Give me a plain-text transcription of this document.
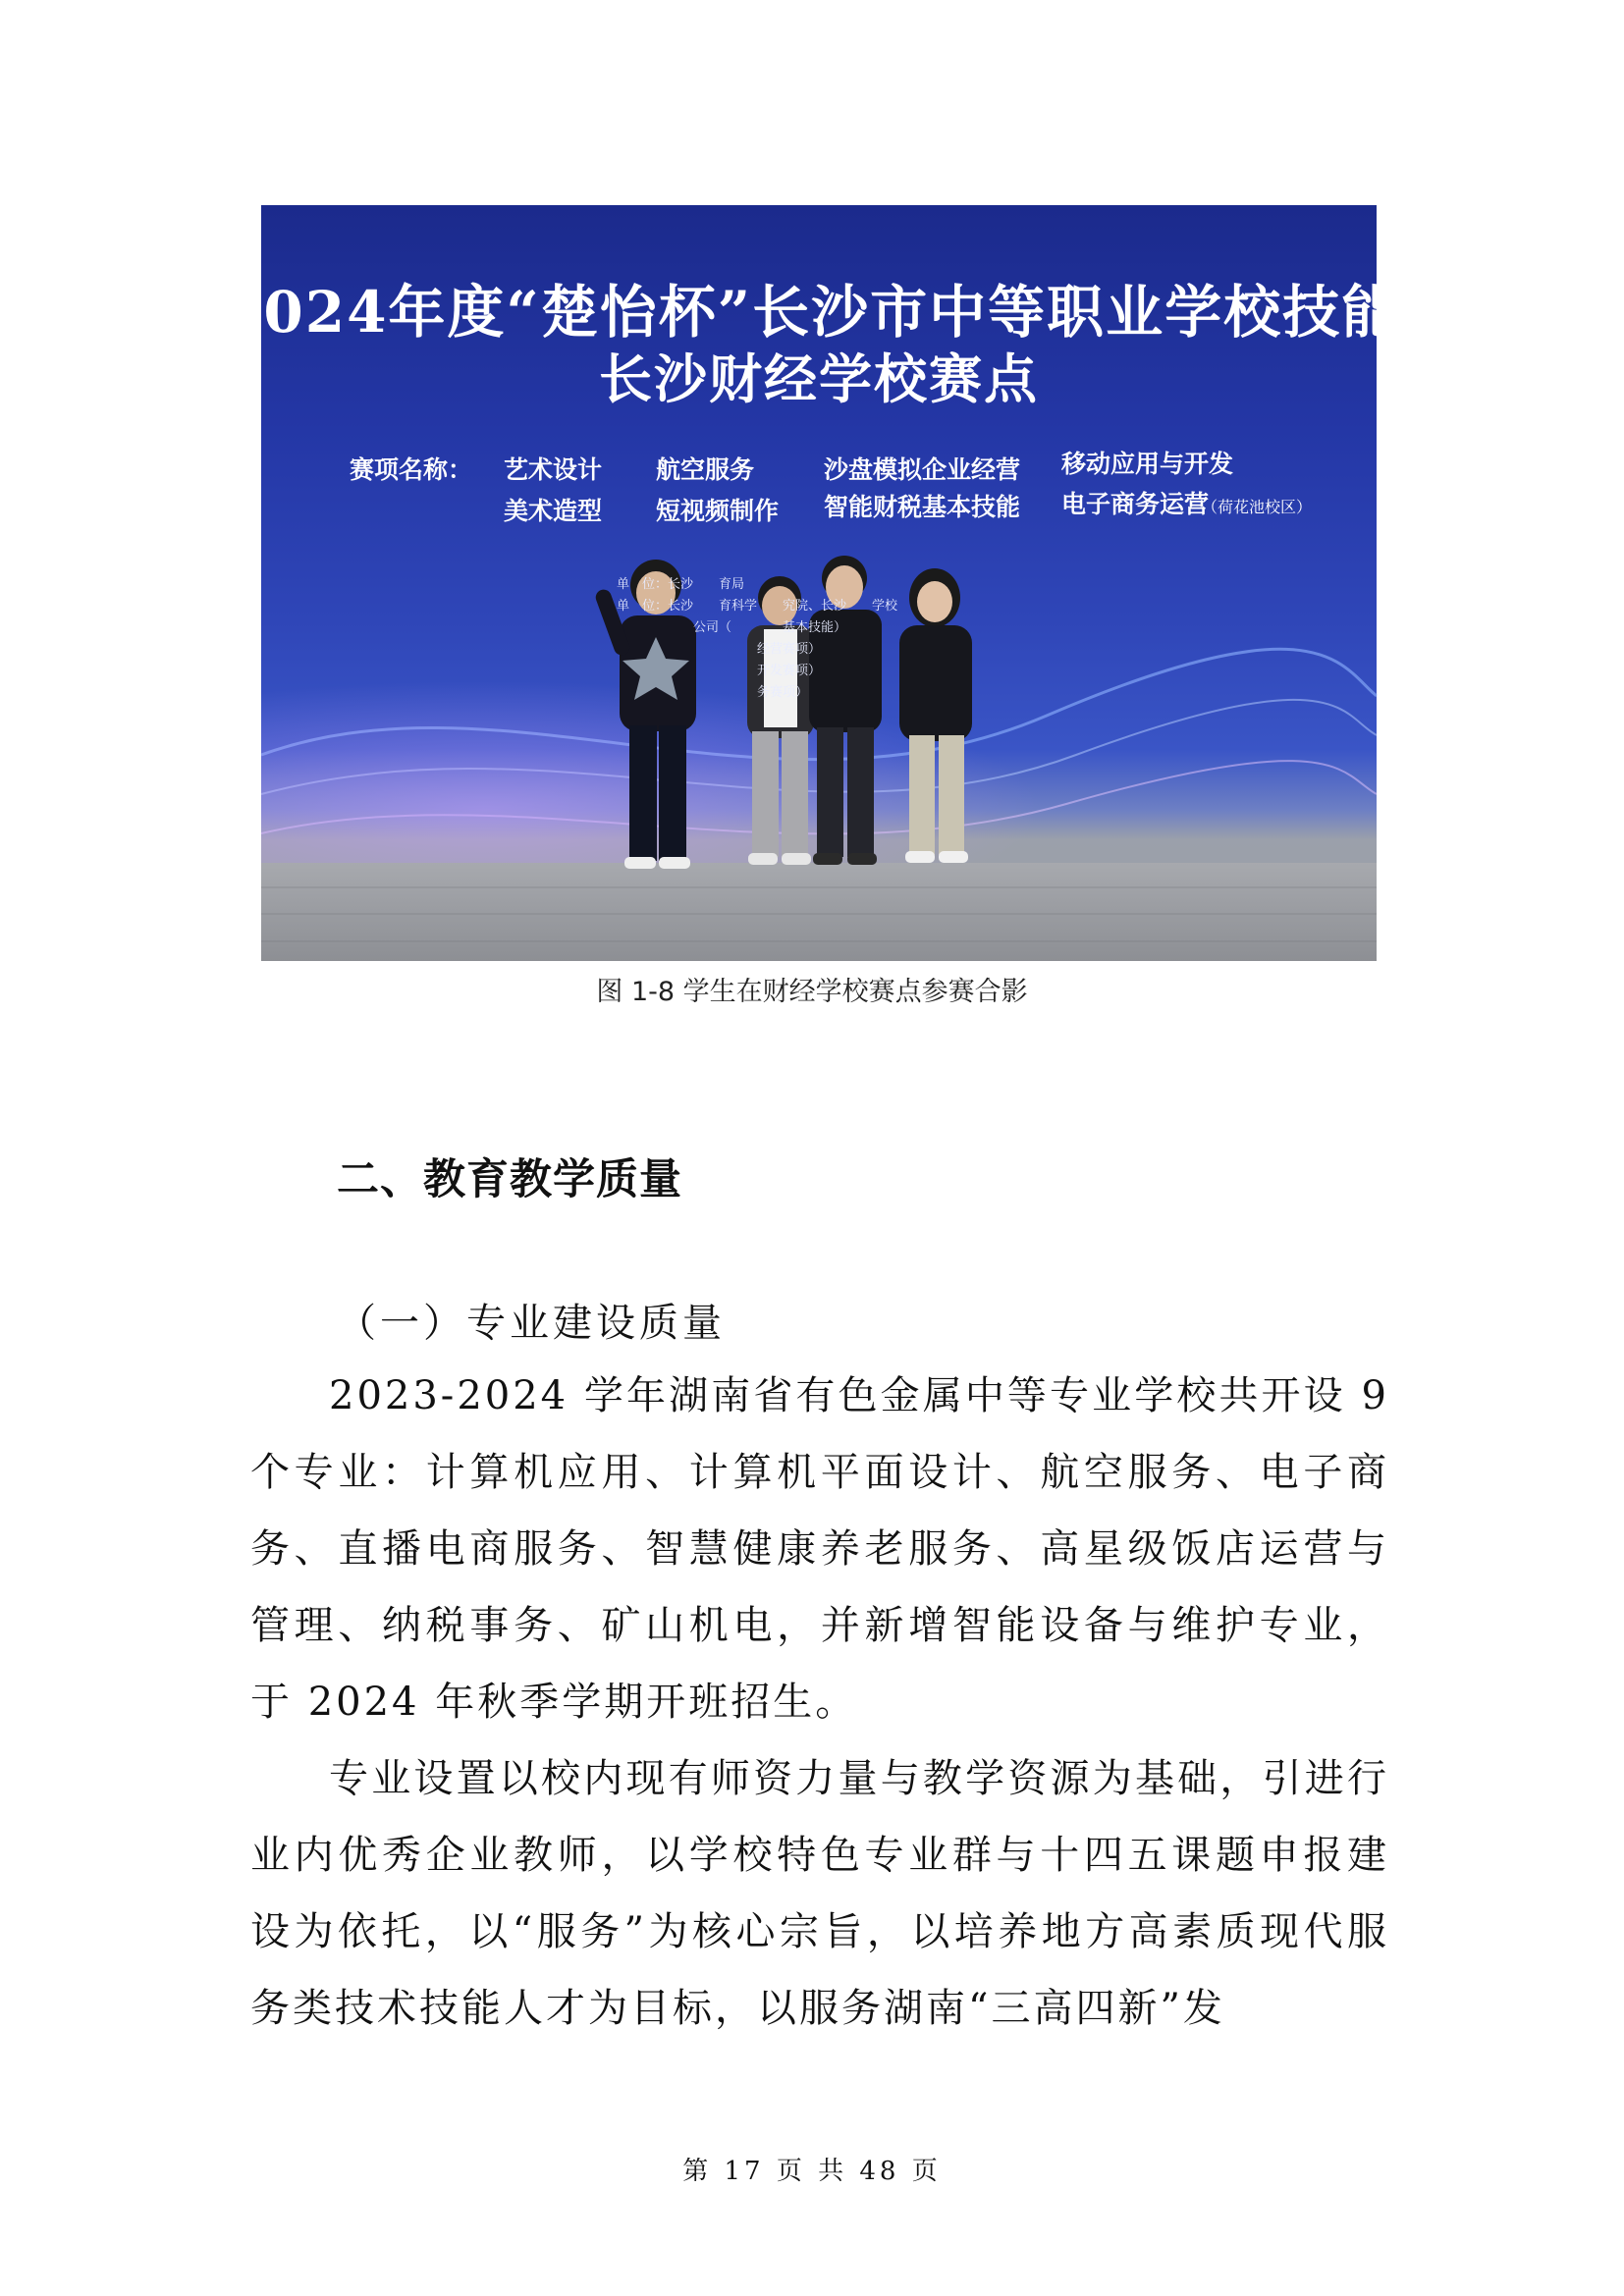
2024年度“楚怡杯”长沙市中等职业学校技能竞赛
长沙财经学校赛点
赛项名称： 艺术设计 航空服务	沙盘模拟企业经营 移动应用与开发
美术造型 短视频制作 智能财税基本技能 电子商务运营
（荷花池校区）
单　位：长沙　　育局
单　位：长沙　　育科学　　究院、长沙　　学校
　　　　　　公司（　　　　基本技能）
　　　　　　　　　　　经营赛项）
　　　　　　　　　　　开发赛项）
　　　　　　　　　　　务赛项）
图 1-8 学生在财经学校赛点参赛合影
二、教育教学质量
（一）专业建设质量

2023-2024 学年湖南省有色金属中等专业学校共开设 9 个专业：计算机应用、计算机平面设计、航空服务、电子商务、直播电商服务、智慧健康养老服务、高星级饭店运营与管理、纳税事务、矿山机电，并新增智能设备与维护专业，于 2024 年秋季学期开班招生。

专业设置以校内现有师资力量与教学资源为基础，引进行业内优秀企业教师，以学校特色专业群与十四五课题申报建设为依托，以“服务”为核心宗旨，以培养地方高素质现代服务类技术技能人才为目标，以服务湖南“三高四新”发

第 17 页 共 48 页
